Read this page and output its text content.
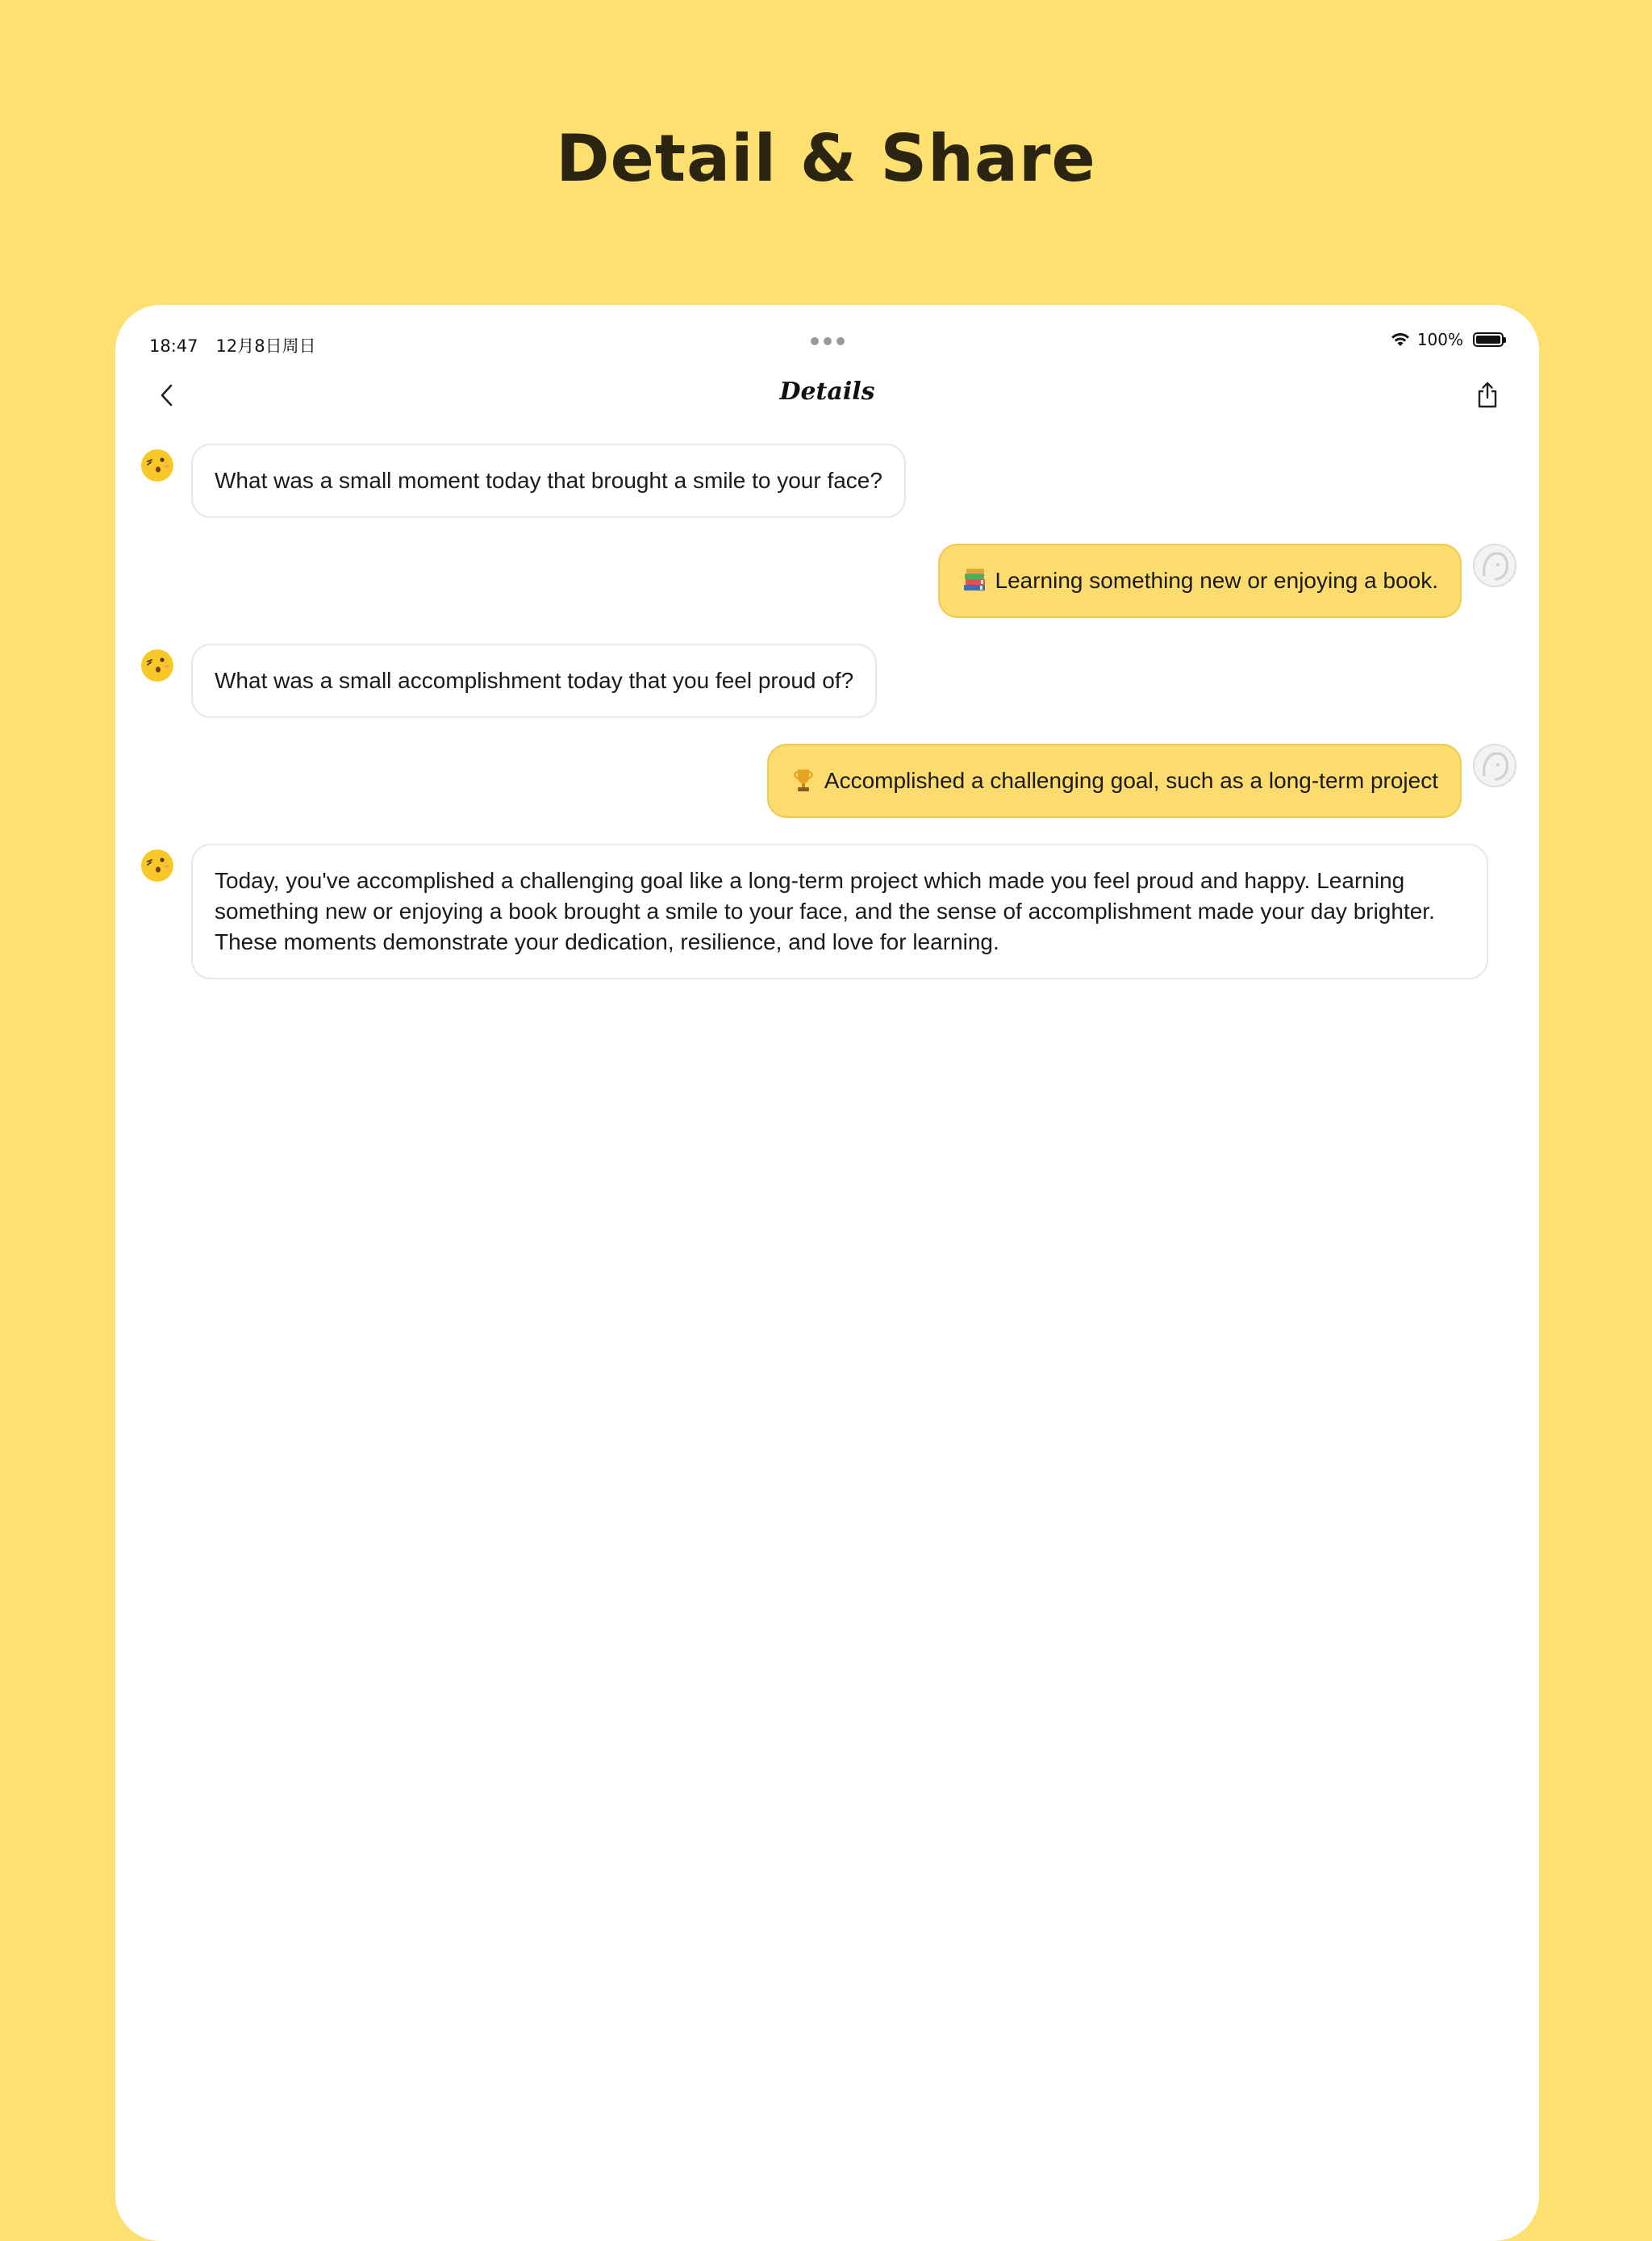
Detail & Share
18:47 12月8日周日	100%
Details
What was a small moment today that brought a smile to your face?
Learning something new or enjoying a book.
What was a small accomplishment today that you feel proud of?
Accomplished a challenging goal, such as a long-term project
Today, you've accomplished a challenging goal like a long-term project which made you feel proud and happy. Learning something new or enjoying a book brought a smile to your face, and the sense of accomplishment made your day brighter. These moments demonstrate your dedication, resilience, and love for learning.
